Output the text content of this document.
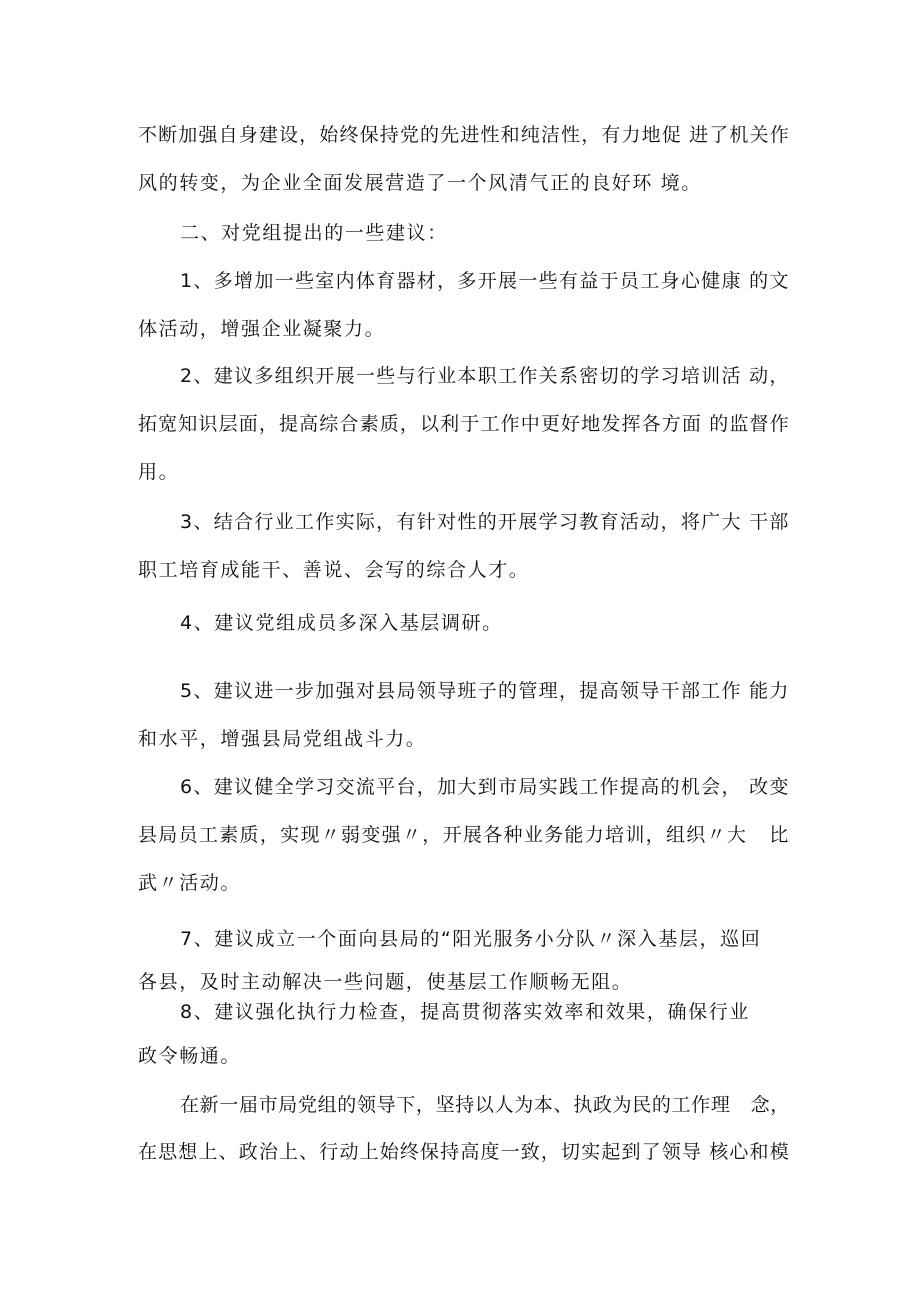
不断加强自身建设，始终保持党的先进性和纯洁性，有力地促 进了机关作
风的转变，为企业全面发展营造了一个风清气正的良好环 境。
二、对党组提出的一些建议：
1、多增加一些室内体育器材，多开展一些有益于员工身心健康 的文
体活动，增强企业凝聚力。
2、建议多组织开展一些与行业本职工作关系密切的学习培训活 动，
拓宽知识层面，提高综合素质，以利于工作中更好地发挥各方面 的监督作
用。
3、结合行业工作实际，有针对性的开展学习教育活动，将广大 干部
职工培育成能干、善说、会写的综合人才。
4、建议党组成员多深入基层调研。
5、建议进一步加强对县局领导班子的管理，提高领导干部工作 能力
和水平，增强县局党组战斗力。
6、建议健全学习交流平台，加大到市局实践工作提高的机会， 改变
县局员工素质，实现〃弱变强〃，开展各种业务能力培训，组织〃大   比
武〃活动。
7、建议成立一个面向县局的“阳光服务小分队〃深入基层，巡回
各县，及时主动解决一些问题，使基层工作顺畅无阻。
8、建议强化执行力检查，提高贯彻落实效率和效果，确保行业
政令畅通。
在新一届市局党组的领导下，坚持以人为本、执政为民的工作理   念，
在思想上、政治上、行动上始终保持高度一致，切实起到了领导 核心和模
